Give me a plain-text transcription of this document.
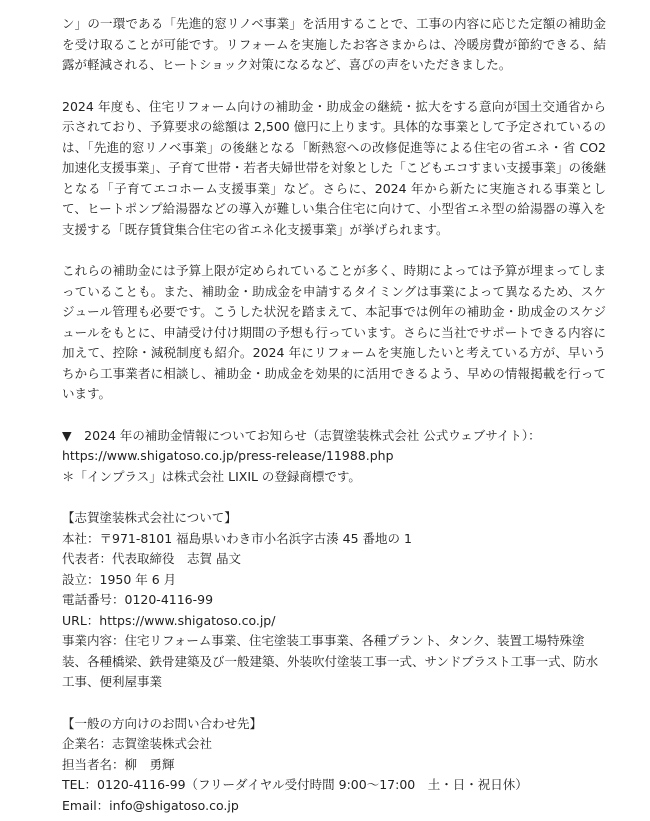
ン」の一環である「先進的窓リノベ事業」を活用することで、工事の内容に応じた定額の補助金を受け取ることが可能です。リフォームを実施したお客さまからは、冷暖房費が節約できる、結露が軽減される、ヒートショック対策になるなど、喜びの声をいただきました。

2024 年度も、住宅リフォーム向けの補助金・助成金の継続・拡大をする意向が国土交通省から示されており、予算要求の総額は 2,500 億円に上ります。具体的な事業として予定されているのは、「先進的窓リノベ事業」の後継となる「断熱窓への改修促進等による住宅の省エネ・省 CO2 加速化支援事業」、子育て世帯・若者夫婦世帯を対象とした「こどもエコすまい支援事業」の後継となる「子育てエコホーム支援事業」など。さらに、2024 年から新たに実施される事業として、ヒートポンプ給湯器などの導入が難しい集合住宅に向けて、小型省エネ型の給湯器の導入を支援する「既存賃貸集合住宅の省エネ化支援事業」が挙げられます。

これらの補助金には予算上限が定められていることが多く、時期によっては予算が埋まってしまっていることも。また、補助金・助成金を申請するタイミングは事業によって異なるため、スケジュール管理も必要です。こうした状況を踏まえて、本記事では例年の補助金・助成金のスケジュールをもとに、申請受け付け期間の予想も行っています。さらに当社でサポートできる内容に加えて、控除・減税制度も紹介。2024 年にリフォームを実施したいと考えている方が、早いうちから工事業者に相談し、補助金・助成金を効果的に活用できるよう、早めの情報掲載を行っています。

▼　2024 年の補助金情報についてお知らせ（志賀塗装株式会社 公式ウェブサイト）：
https://www.shigatoso.co.jp/press-release/11988.php
＊「インプラス」は株式会社 LIXIL の登録商標です。
【志賀塗装株式会社について】
本社：〒971-8101 福島県いわき市小名浜字古湊 45 番地の 1
代表者：代表取締役　志賀 晶文
設立：1950 年 6 月
電話番号：0120-4116-99
URL：https://www.shigatoso.co.jp/
事業内容：住宅リフォーム事業、住宅塗装工事事業、各種プラント、タンク、装置工場特殊塗装、各種橋梁、鉄骨建築及び一般建築、外装吹付塗装工事一式、サンドブラスト工事一式、防水工事、便利屋事業
【一般の方向けのお問い合わせ先】
企業名：志賀塗装株式会社
担当者名：柳　勇輝
TEL：0120-4116-99（フリーダイヤル受付時間 9:00～17:00　土・日・祝日休）
Email：info@shigatoso.co.jp
